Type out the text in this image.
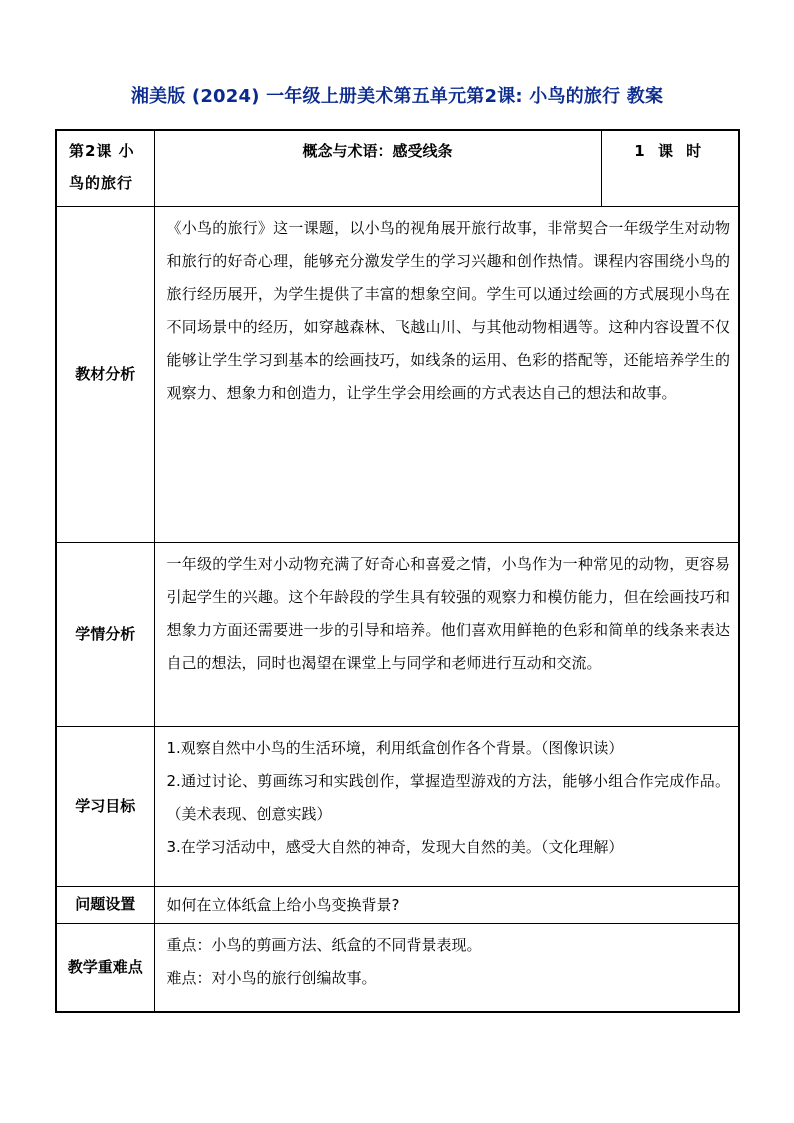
湘美版 (2024) 一年级上册美术第五单元第2课: 小鸟的旅行 教案
第2课 小鸟的旅行	概念与术语：感受线条	1 课 时
教材分析	《小鸟的旅行》这一课题，以小鸟的视角展开旅行故事，非常契合一年级学生对动物和旅行的好奇心理，能够充分激发学生的学习兴趣和创作热情。课程内容围绕小鸟的旅行经历展开，为学生提供了丰富的想象空间。学生可以通过绘画的方式展现小鸟在不同场景中的经历，如穿越森林、飞越山川、与其他动物相遇等。这种内容设置不仅能够让学生学习到基本的绘画技巧，如线条的运用、色彩的搭配等，还能培养学生的观察力、想象力和创造力，让学生学会用绘画的方式表达自己的想法和故事。	

学情分析	一年级的学生对小动物充满了好奇心和喜爱之情，小鸟作为一种常见的动物，更容易引起学生的兴趣。这个年龄段的学生具有较强的观察力和模仿能力，但在绘画技巧和想象力方面还需要进一步的引导和培养。他们喜欢用鲜艳的色彩和简单的线条来表达自己的想法，同时也渴望在课堂上与同学和老师进行互动和交流。	

学习目标	1.观察自然中小鸟的生活环境，利用纸盒创作各个背景。（图像识读）

2.通过讨论、剪画练习和实践创作，掌握造型游戏的方法，能够小组合作完成作品。（美术表现、创意实践）

3.在学习活动中，感受大自然的神奇，发现大自然的美。（文化理解）	

问题设置	如何在立体纸盒上给小鸟变换背景?	
教学重难点	重点：小鸟的剪画方法、纸盒的不同背景表现。

难点：对小鸟的旅行创编故事。	
